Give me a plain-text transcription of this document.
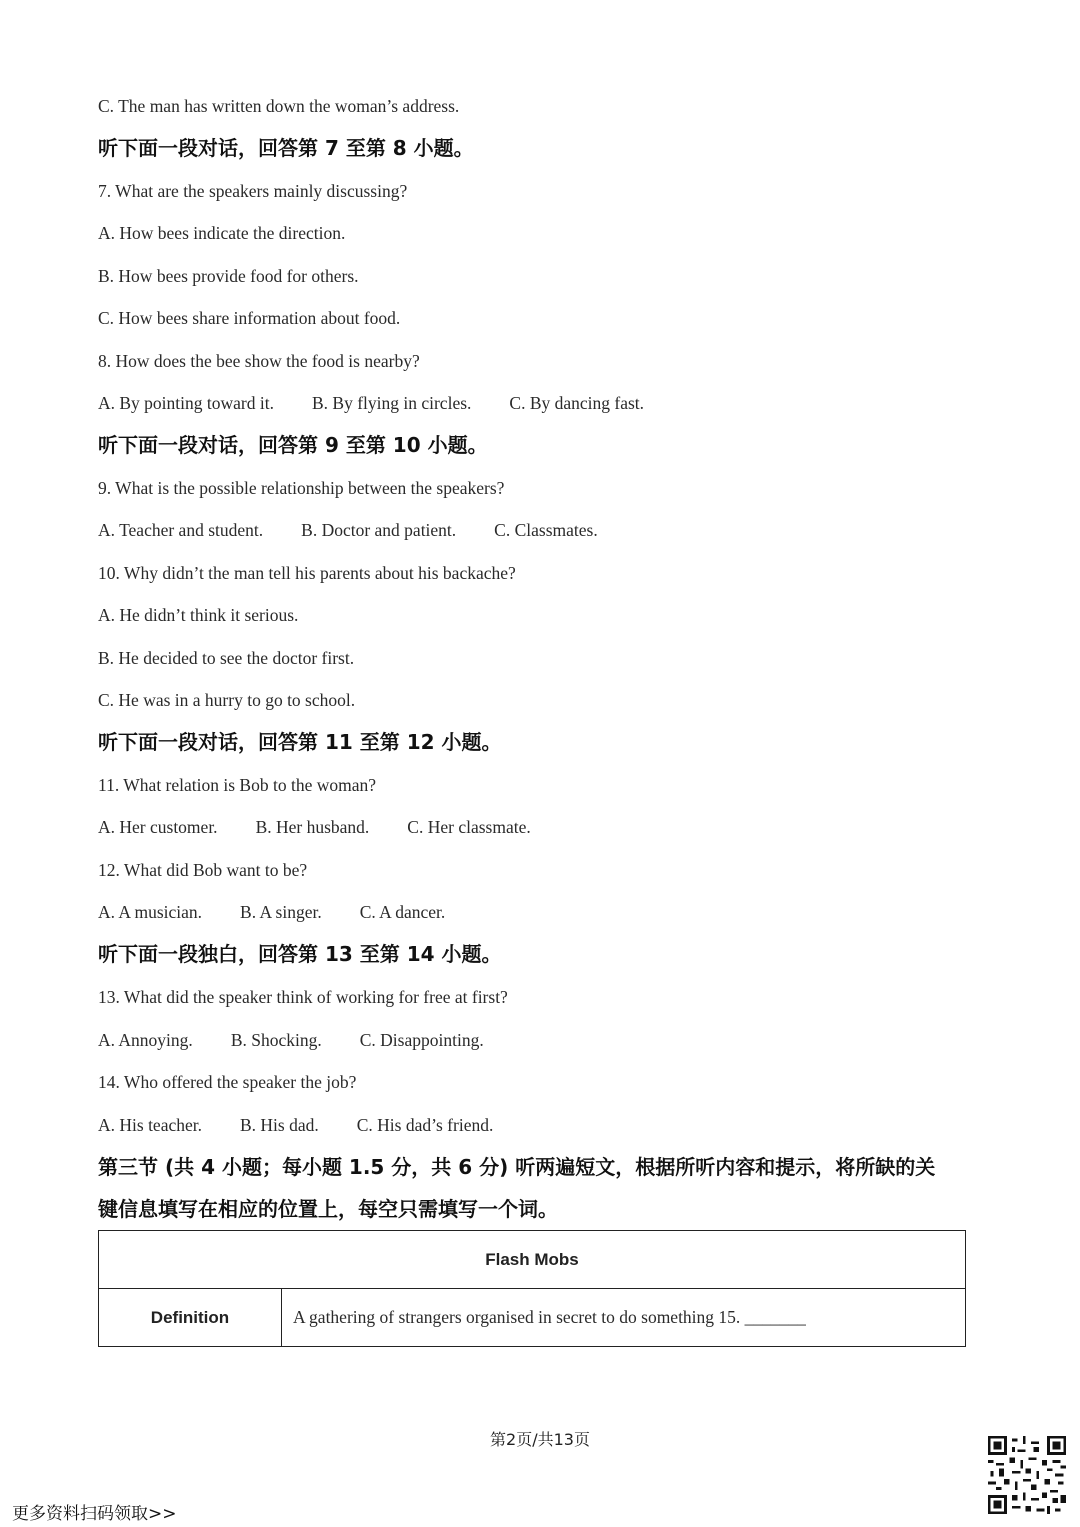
C. The man has written down the woman’s address.
听下面一段对话，回答第 7 至第 8 小题。
7. What are the speakers mainly discussing?
A. How bees indicate the direction.
B. How bees provide food for others.
C. How bees share information about food.
8. How does the bee show the food is nearby?
A. By pointing toward it. B. By flying in circles. C. By dancing fast.
听下面一段对话，回答第 9 至第 10 小题。
9. What is the possible relationship between the speakers?
A. Teacher and student. B. Doctor and patient. C. Classmates.
10. Why didn’t the man tell his parents about his backache?
A. He didn’t think it serious.
B. He decided to see the doctor first.
C. He was in a hurry to go to school.
听下面一段对话，回答第 11 至第 12 小题。
11. What relation is Bob to the woman?
A. Her customer. B. Her husband. C. Her classmate.
12. What did Bob want to be?
A. A musician. B. A singer. C. A dancer.
听下面一段独白，回答第 13 至第 14 小题。
13. What did the speaker think of working for free at first?
A. Annoying. B. Shocking. C. Disappointing.
14. Who offered the speaker the job?
A. His teacher. B. His dad. C. His dad’s friend.
第三节 (共 4 小题；每小题 1.5 分，共 6 分) 听两遍短文，根据所听内容和提示，将所缺的关
键信息填写在相应的位置上，每空只需填写一个词。
Flash Mobs
Definition	A gathering of strangers organised in secret to do something 15. _______
第2页/共13页
更多资料扫码领取>>
